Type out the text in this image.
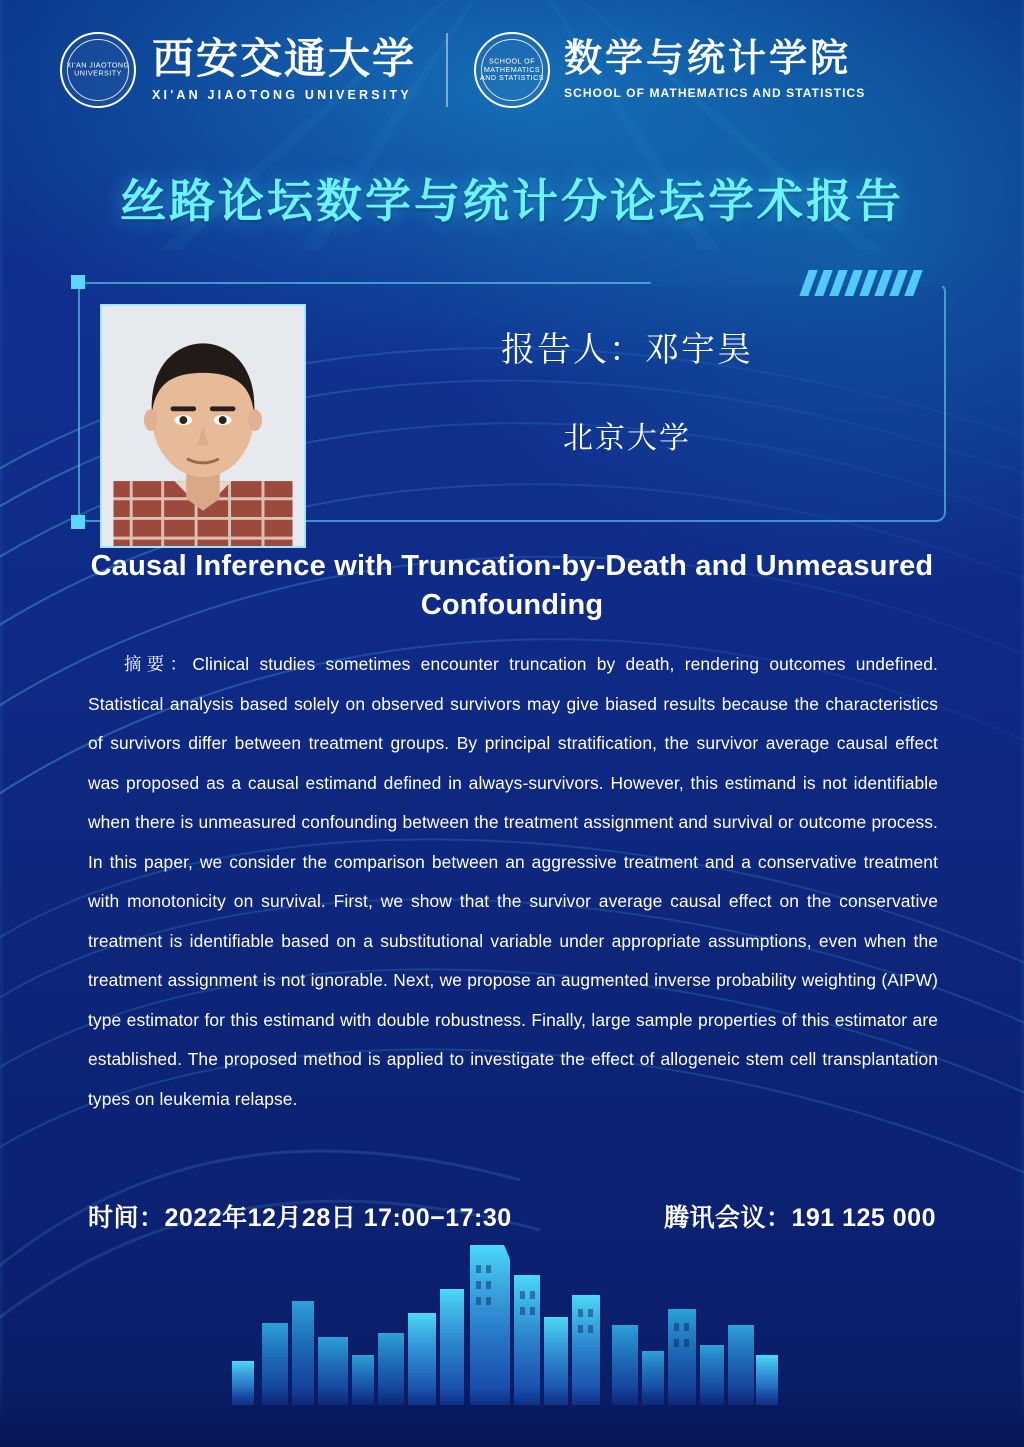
XI'AN JIAOTONG UNIVERSITY 西安交通大学
XI'AN JIAOTONG UNIVERSITY
SCHOOL OF MATHEMATICS AND STATISTICS 数学与统计学院
SCHOOL OF MATHEMATICS AND STATISTICS
丝路论坛数学与统计分论坛学术报告
报告人：邓宇昊
北京大学
Causal Inference with Truncation-by-Death and Unmeasured Confounding
摘要：Clinical studies sometimes encounter truncation by death, rendering outcomes undefined. Statistical analysis based solely on observed survivors may give biased results because the characteristics of survivors differ between treatment groups. By principal stratification, the survivor average causal effect was proposed as a causal estimand defined in always-survivors. However, this estimand is not identifiable when there is unmeasured confounding between the treatment assignment and survival or outcome process. In this paper, we consider the comparison between an aggressive treatment and a conservative treatment with monotonicity on survival. First, we show that the survivor average causal effect on the conservative treatment is identifiable based on a substitutional variable under appropriate assumptions, even when the treatment assignment is not ignorable. Next, we propose an augmented inverse probability weighting (AIPW) type estimator for this estimand with double robustness. Finally, large sample properties of this estimator are established. The proposed method is applied to investigate the effect of allogeneic stem cell transplantation types on leukemia relapse.
时间：2022年12月28日 17:00−17:30	腾讯会议：191 125 000
